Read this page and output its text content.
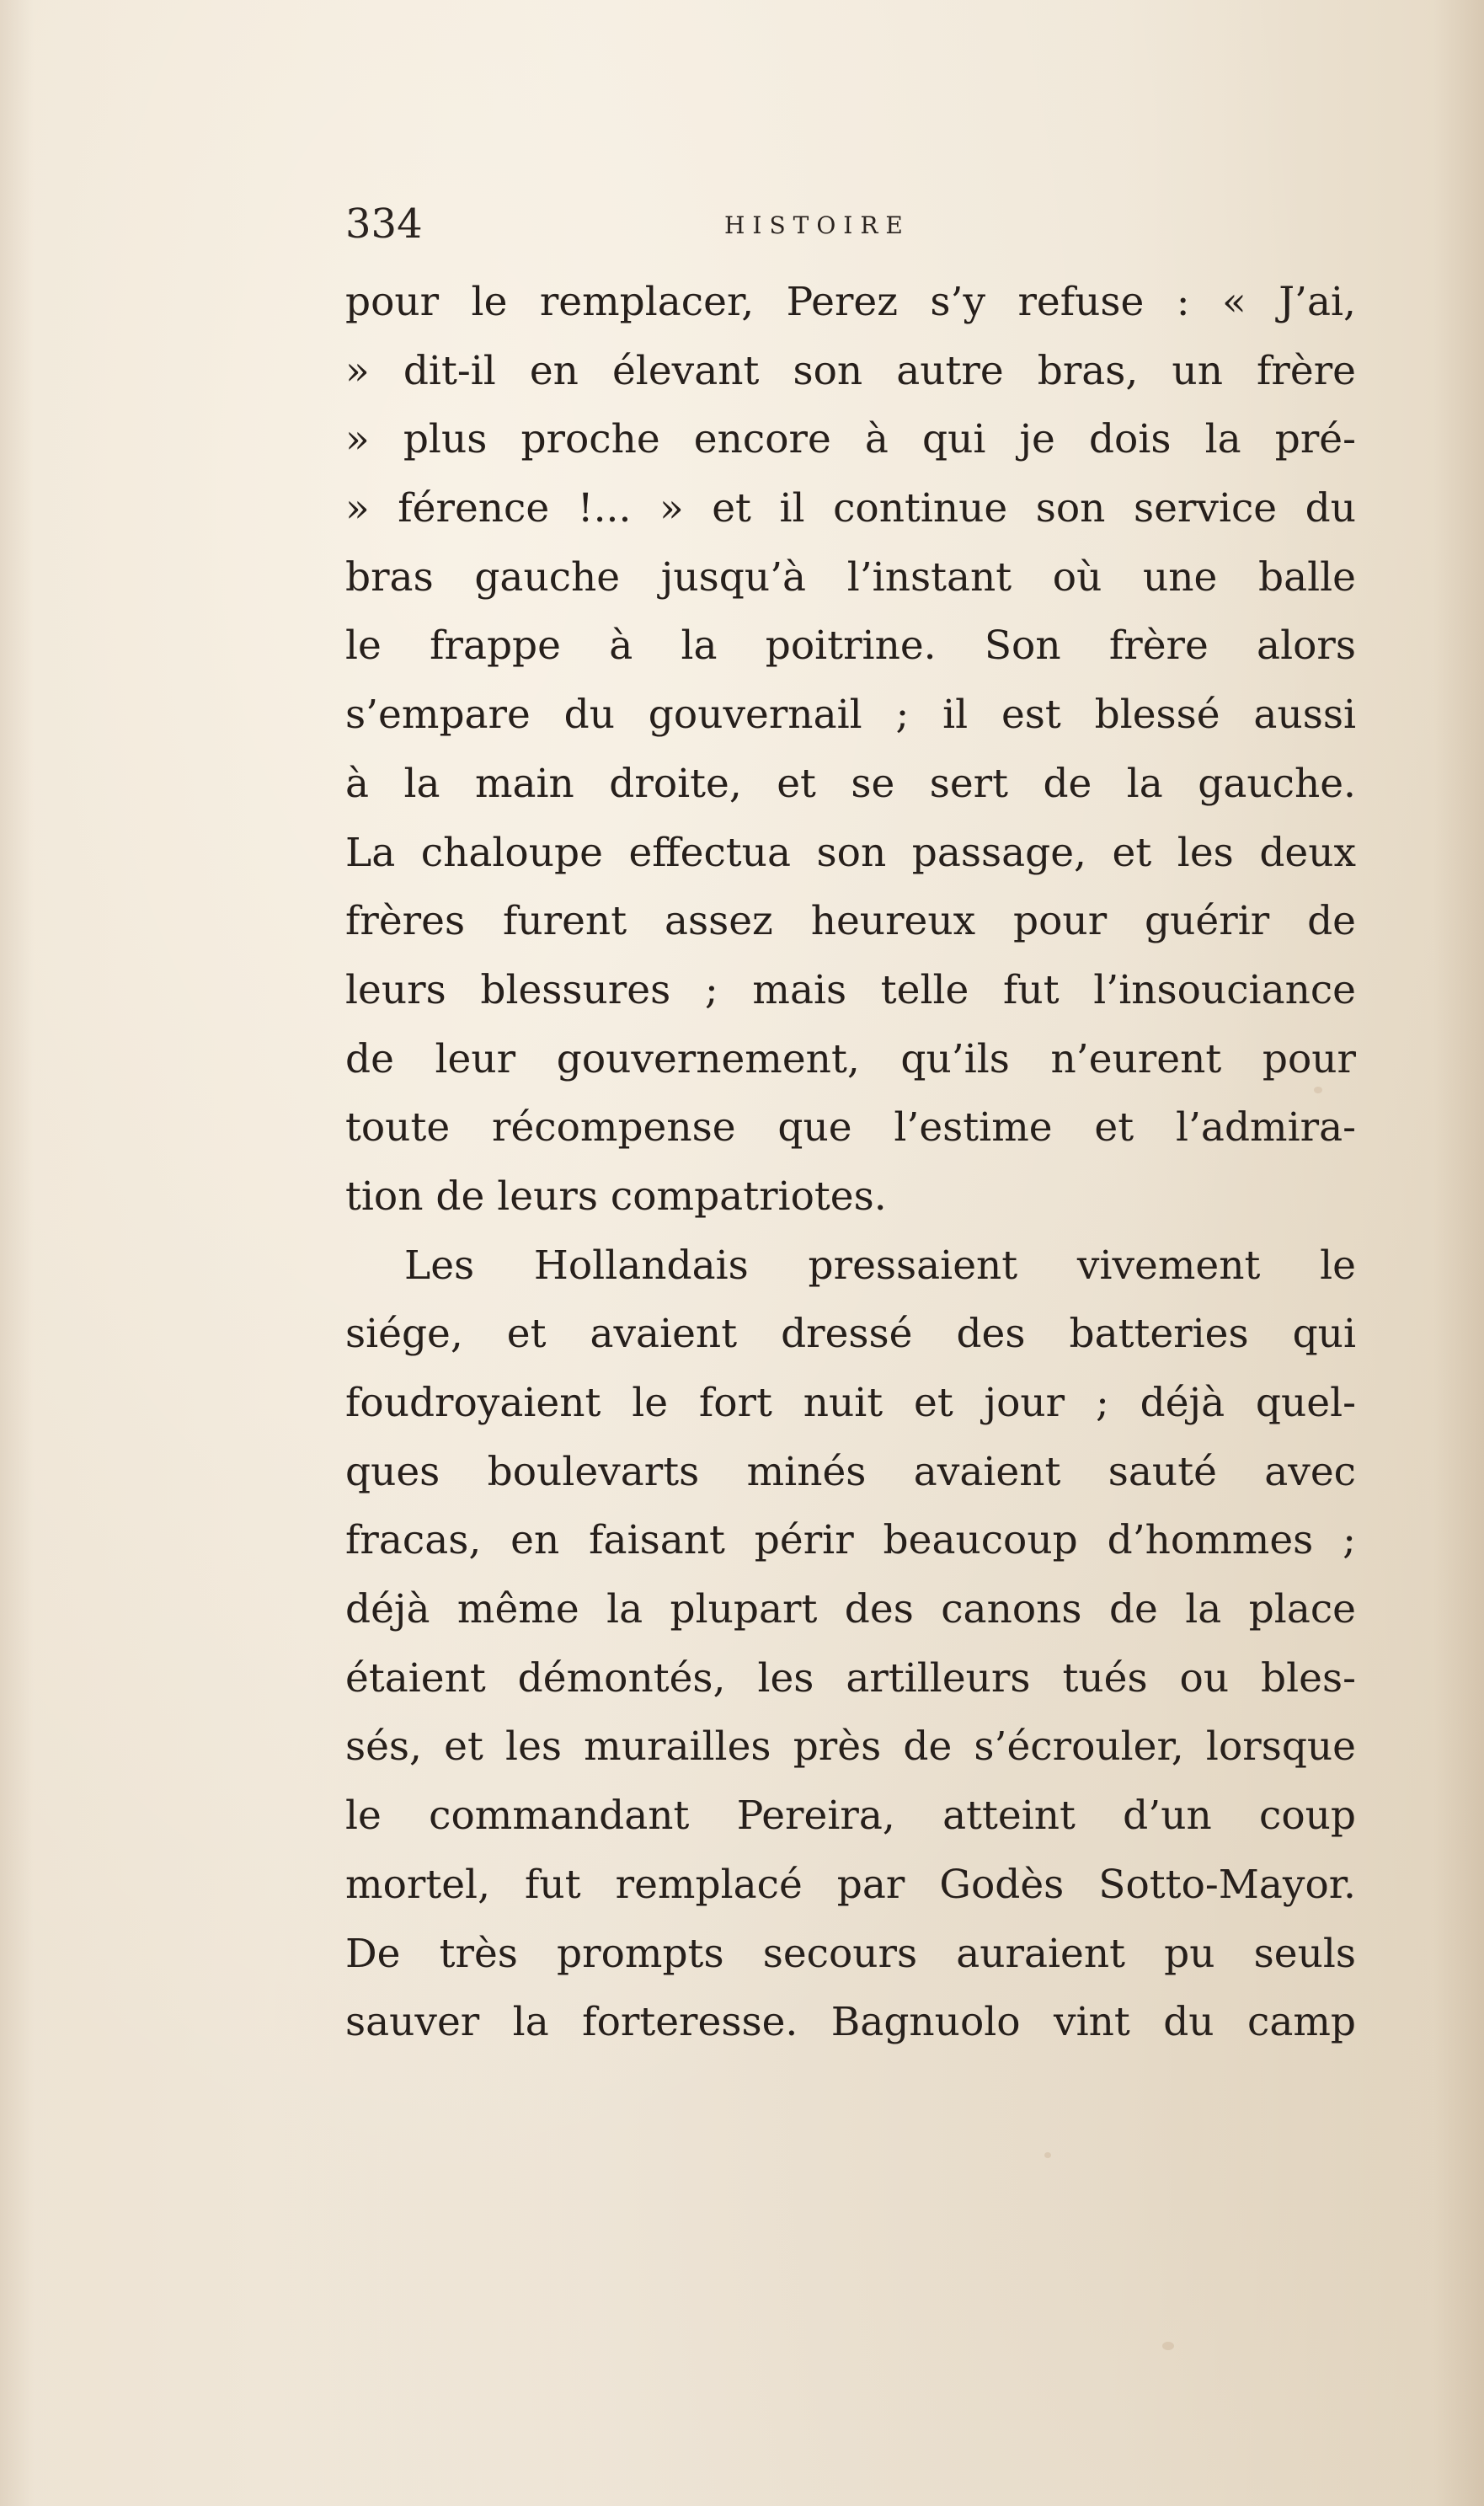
334	HISTOIRE
pour le remplacer, Perez s’y refuse : « J’ai,
» dit-il en élevant son autre bras, un frère
» plus proche encore à qui je dois la pré-
» férence !... » et il continue son service du
bras gauche jusqu’à l’instant où une balle
le frappe à la poitrine. Son frère alors
s’empare du gouvernail ; il est blessé aussi
à la main droite, et se sert de la gauche.
La chaloupe effectua son passage, et les deux
frères furent assez heureux pour guérir de
leurs blessures ; mais telle fut l’insouciance
de leur gouvernement, qu’ils n’eurent pour
toute récompense que l’estime et l’admira-
tion de leurs compatriotes.
Les Hollandais pressaient vivement le
siége, et avaient dressé des batteries qui
foudroyaient le fort nuit et jour ; déjà quel-
ques boulevarts minés avaient sauté avec
fracas, en faisant périr beaucoup d’hommes ;
déjà même la plupart des canons de la place
étaient démontés, les artilleurs tués ou bles-
sés, et les murailles près de s’écrouler, lorsque
le commandant Pereira, atteint d’un coup
mortel, fut remplacé par Godès Sotto-Mayor.
De très prompts secours auraient pu seuls
sauver la forteresse. Bagnuolo vint du camp
